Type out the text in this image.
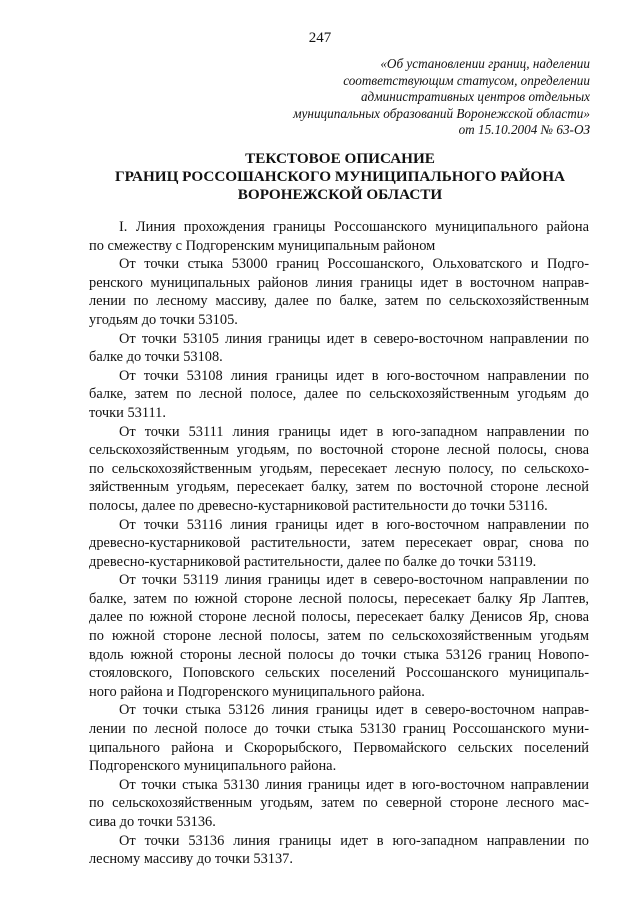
247
«Об установлении границ, наделении
соответствующим статусом, определении
административных центров отдельных
муниципальных образований Воронежской области»
от 15.10.2004 № 63-ОЗ
ТЕКСТОВОЕ ОПИСАНИЕ
ГРАНИЦ РОССОШАНСКОГО МУНИЦИПАЛЬНОГО РАЙОНА
ВОРОНЕЖСКОЙ ОБЛАСТИ
I. Линия прохождения границы Россошанского муниципального района
по смежеству с Подгоренским муниципальным районом
От точки стыка 53000 границ Россошанского, Ольховатского и Подго-
ренского муниципальных районов линия границы идет в восточном направ-
лении по лесному массиву, далее по балке, затем по сельскохозяйственным
угодьям до точки 53105.
От точки 53105 линия границы идет в северо-восточном направлении по
балке до точки 53108.
От точки 53108 линия границы идет в юго-восточном направлении по
балке, затем по лесной полосе, далее по сельскохозяйственным угодьям до
точки 53111.
От точки 53111 линия границы идет в юго-западном направлении по
сельскохозяйственным угодьям, по восточной стороне лесной полосы, снова
по сельскохозяйственным угодьям, пересекает лесную полосу, по сельскохо-
зяйственным угодьям, пересекает балку, затем по восточной стороне лесной
полосы, далее по древесно-кустарниковой растительности до точки 53116.
От точки 53116 линия границы идет в юго-восточном направлении по
древесно-кустарниковой растительности, затем пересекает овраг, снова по
древесно-кустарниковой растительности, далее по балке до точки 53119.
От точки 53119 линия границы идет в северо-восточном направлении по
балке, затем по южной стороне лесной полосы, пересекает балку Яр Лаптев,
далее по южной стороне лесной полосы, пересекает балку Денисов Яр, снова
по южной стороне лесной полосы, затем по сельскохозяйственным угодьям
вдоль южной стороны лесной полосы до точки стыка 53126 границ Новопо-
стояловского, Поповского сельских поселений Россошанского муниципаль-
ного района и Подгоренского муниципального района.
От точки стыка 53126 линия границы идет в северо-восточном направ-
лении по лесной полосе до точки стыка 53130 границ Россошанского муни-
ципального района и Скорорыбского, Первомайского сельских поселений
Подгоренского муниципального района.
От точки стыка 53130 линия границы идет в юго-восточном направлении
по сельскохозяйственным угодьям, затем по северной стороне лесного мас-
сива до точки 53136.
От точки 53136 линия границы идет в юго-западном направлении по
лесному массиву до точки 53137.
